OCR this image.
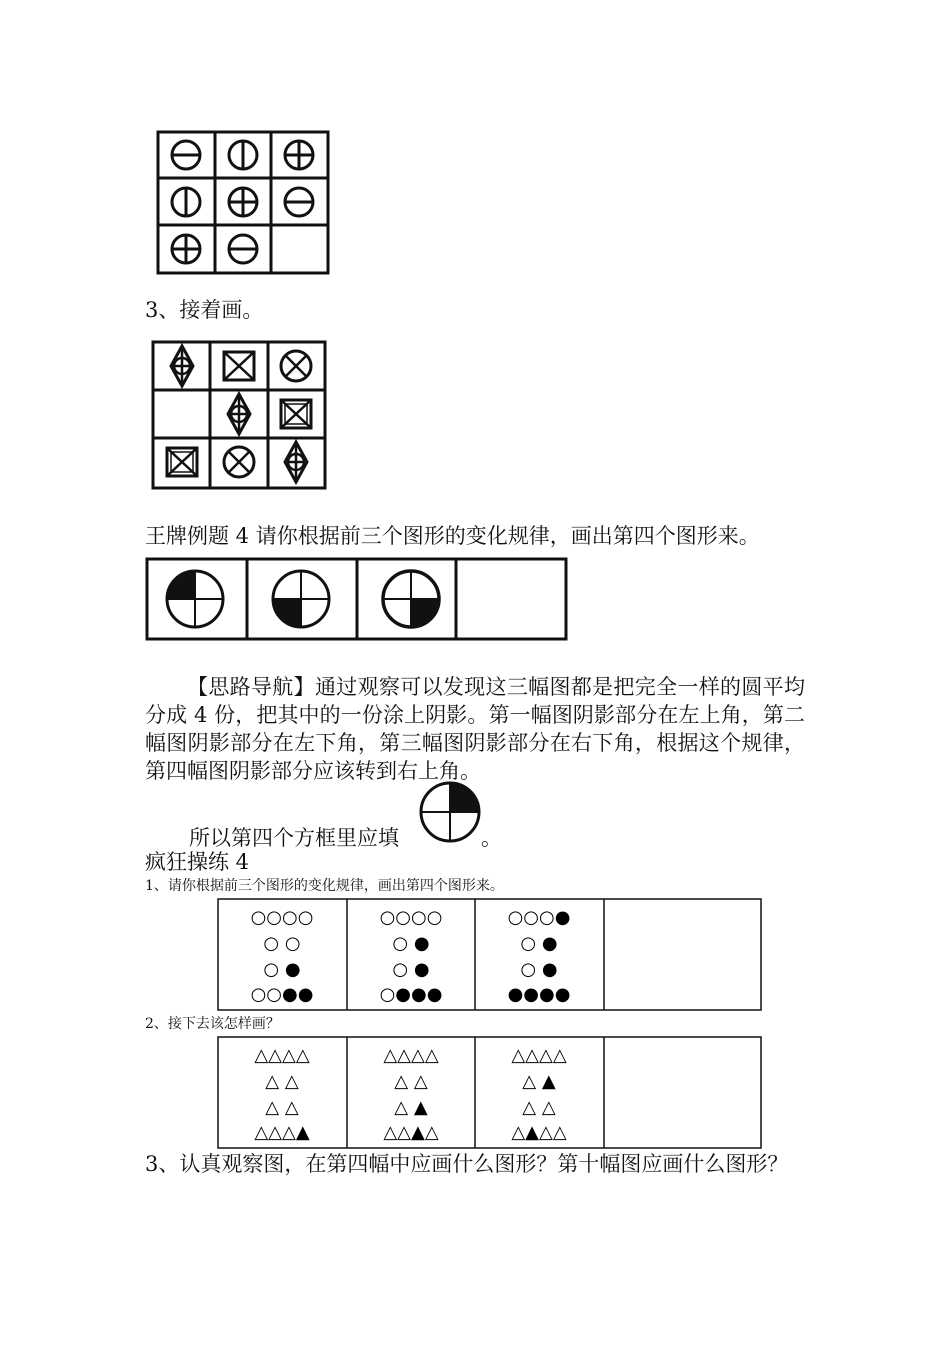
3、接着画。
王牌例题 4 请你根据前三个图形的变化规律，画出第四个图形来。
【思路导航】通过观察可以发现这三幅图都是把完全一样的圆平均分成 4 份，把其中的一份涂上阴影。第一幅图阴影部分在左上角，第二幅图阴影部分在左下角，第三幅图阴影部分在右下角，根据这个规律，第四幅图阴影部分应该转到右上角。
所以第四个方框里应填	。
疯狂操练 4
1、请你根据前三个图形的变化规律，画出第四个图形来。
○○○○
○ ○
○ ●
○○●●
○○○○
○ ●
○ ●
○●●●
○○○●
○ ●
○ ●
●●●●
2、接下去该怎样画？
△△△△
△ △
△ △
△△△▲
△△△△
△ △
△ ▲
△△▲△
△△△△
△ ▲
△ △
△▲△△
3、认真观察图，在第四幅中应画什么图形？第十幅图应画什么图形？
